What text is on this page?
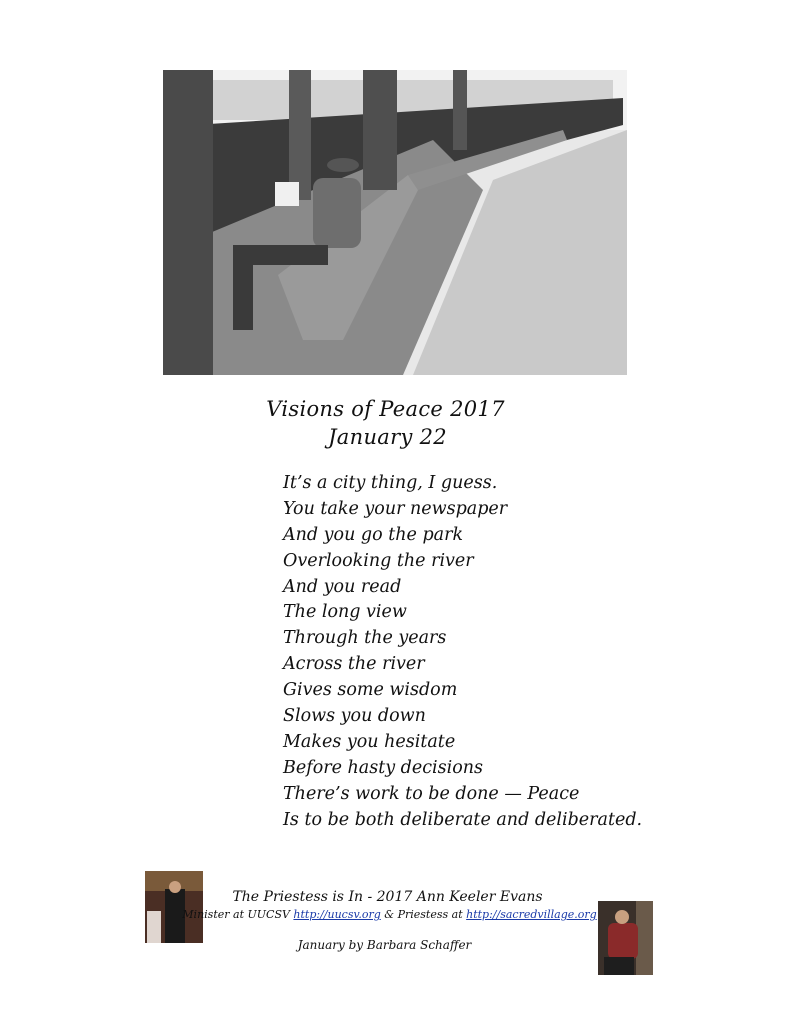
Visions of Peace 2017
January 22
It’s a city thing, I guess.
You take your newspaper
And you go the park
Overlooking the river
And you read
The long view
Through the years
Across the river
Gives some wisdom
Slows you down
Makes you hesitate
Before hasty decisions
There’s work to be done — Peace
Is to be both deliberate and deliberated.
The Priestess is In - 2017 Ann Keeler Evans
Minister at UUCSV http://uucsv.org & Priestess at http://sacredvillage.org
January by Barbara Schaffer
